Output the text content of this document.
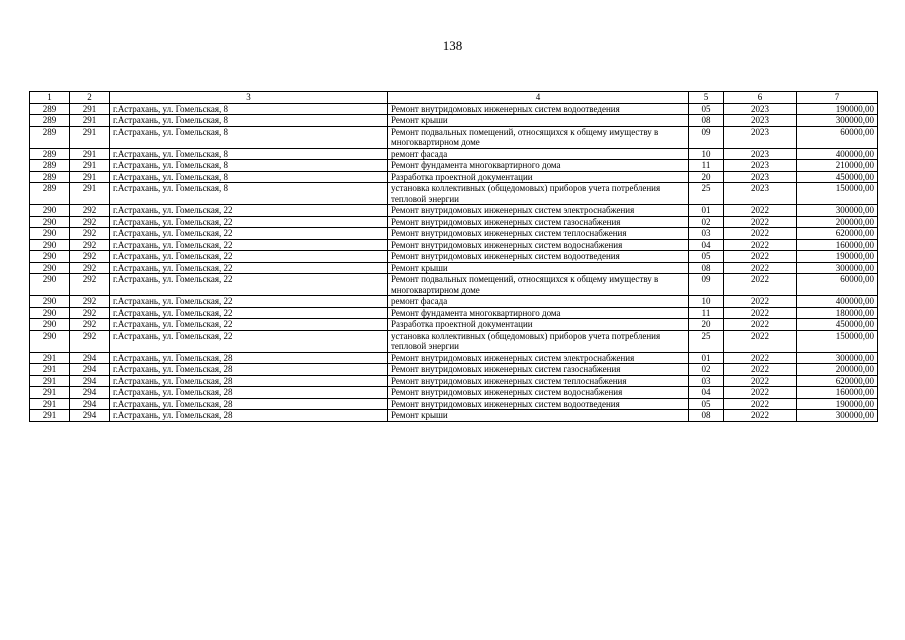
138
1	2	3	4	5	6	7
289	291	г.Астрахань, ул. Гомельская, 8	Ремонт внутридомовых инженерных систем водоотведения	05	2023	190000,00
289	291	г.Астрахань, ул. Гомельская, 8	Ремонт крыши	08	2023	300000,00
289	291	г.Астрахань, ул. Гомельская, 8	Ремонт подвальных помещений, относящихся к общему имуществу в многоквартирном доме	09	2023	60000,00
289	291	г.Астрахань, ул. Гомельская, 8	ремонт фасада	10	2023	400000,00
289	291	г.Астрахань, ул. Гомельская, 8	Ремонт фундамента многоквартирного дома	11	2023	210000,00
289	291	г.Астрахань, ул. Гомельская, 8	Разработка проектной документации	20	2023	450000,00
289	291	г.Астрахань, ул. Гомельская, 8	установка коллективных (общедомовых) приборов учета потребления тепловой энергии	25	2023	150000,00
290	292	г.Астрахань, ул. Гомельская, 22	Ремонт внутридомовых инженерных систем электроснабжения	01	2022	300000,00
290	292	г.Астрахань, ул. Гомельская, 22	Ремонт внутридомовых инженерных систем газоснабжения	02	2022	200000,00
290	292	г.Астрахань, ул. Гомельская, 22	Ремонт внутридомовых инженерных систем теплоснабжения	03	2022	620000,00
290	292	г.Астрахань, ул. Гомельская, 22	Ремонт внутридомовых инженерных систем водоснабжения	04	2022	160000,00
290	292	г.Астрахань, ул. Гомельская, 22	Ремонт внутридомовых инженерных систем водоотведения	05	2022	190000,00
290	292	г.Астрахань, ул. Гомельская, 22	Ремонт крыши	08	2022	300000,00
290	292	г.Астрахань, ул. Гомельская, 22	Ремонт подвальных помещений, относящихся к общему имуществу в многоквартирном доме	09	2022	60000,00
290	292	г.Астрахань, ул. Гомельская, 22	ремонт фасада	10	2022	400000,00
290	292	г.Астрахань, ул. Гомельская, 22	Ремонт фундамента многоквартирного дома	11	2022	180000,00
290	292	г.Астрахань, ул. Гомельская, 22	Разработка проектной документации	20	2022	450000,00
290	292	г.Астрахань, ул. Гомельская, 22	установка коллективных (общедомовых) приборов учета потребления тепловой энергии	25	2022	150000,00
291	294	г.Астрахань, ул. Гомельская, 28	Ремонт внутридомовых инженерных систем электроснабжения	01	2022	300000,00
291	294	г.Астрахань, ул. Гомельская, 28	Ремонт внутридомовых инженерных систем газоснабжения	02	2022	200000,00
291	294	г.Астрахань, ул. Гомельская, 28	Ремонт внутридомовых инженерных систем теплоснабжения	03	2022	620000,00
291	294	г.Астрахань, ул. Гомельская, 28	Ремонт внутридомовых инженерных систем водоснабжения	04	2022	160000,00
291	294	г.Астрахань, ул. Гомельская, 28	Ремонт внутридомовых инженерных систем водоотведения	05	2022	190000,00
291	294	г.Астрахань, ул. Гомельская, 28	Ремонт крыши	08	2022	300000,00
